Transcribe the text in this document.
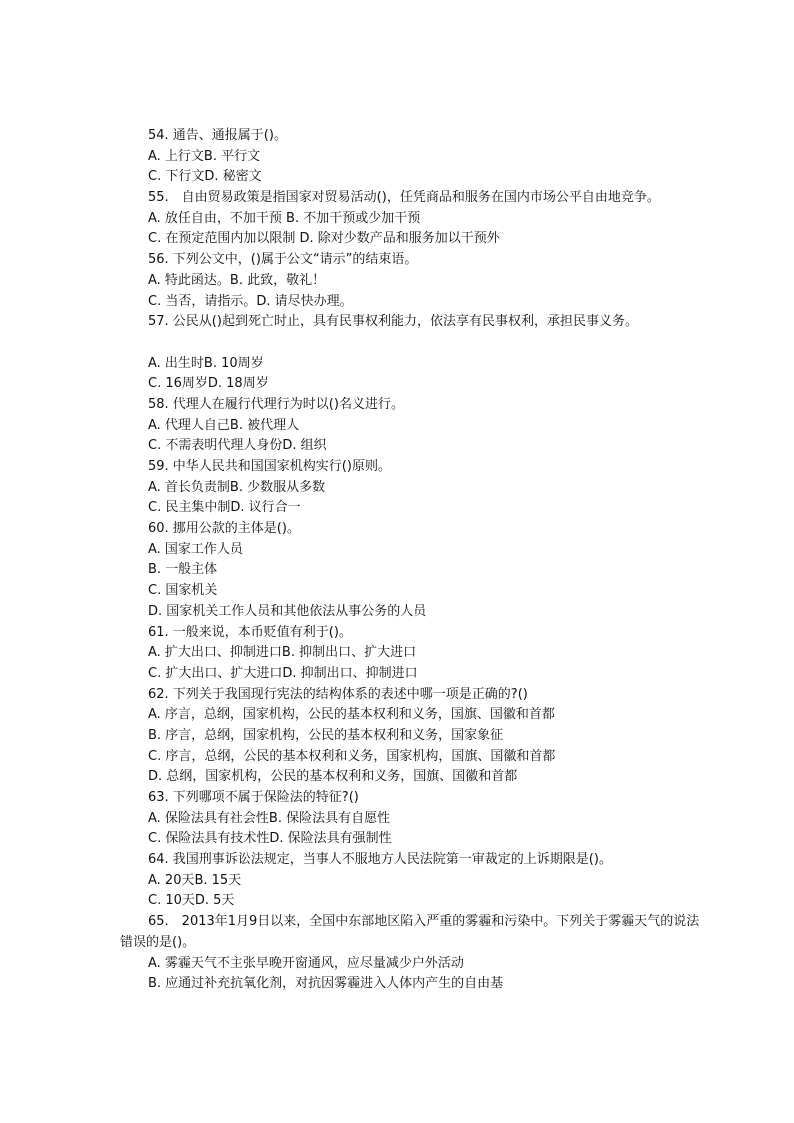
54. 通告、通报属于()。
A. 上行文B. 平行文
C. 下行文D. 秘密文
55.　自由贸易政策是指国家对贸易活动()，任凭商品和服务在国内市场公平自由地竞争。
A. 放任自由，不加干预 B. 不加干预或少加干预
C. 在预定范围内加以限制 D. 除对少数产品和服务加以干预外
56. 下列公文中，()属于公文“请示”的结束语。
A. 特此函达。B. 此致，敬礼！
C. 当否，请指示。D. 请尽快办理。
57. 公民从()起到死亡时止，具有民事权利能力，依法享有民事权利，承担民事义务。
A. 出生时B. 10周岁
C. 16周岁D. 18周岁
58. 代理人在履行代理行为时以()名义进行。
A. 代理人自己B. 被代理人
C. 不需表明代理人身份D. 组织
59. 中华人民共和国国家机构实行()原则。
A. 首长负责制B. 少数服从多数
C. 民主集中制D. 议行合一
60. 挪用公款的主体是()。
A. 国家工作人员
B. 一般主体
C. 国家机关
D. 国家机关工作人员和其他依法从事公务的人员
61. 一般来说，本币贬值有利于()。
A. 扩大出口、抑制进口B. 抑制出口、扩大进口
C. 扩大出口、扩大进口D. 抑制出口、抑制进口
62. 下列关于我国现行宪法的结构体系的表述中哪一项是正确的?()
A. 序言，总纲，国家机构，公民的基本权利和义务，国旗、国徽和首都
B. 序言，总纲，国家机构，公民的基本权利和义务，国家象征
C. 序言，总纲，公民的基本权利和义务，国家机构，国旗、国徽和首都
D. 总纲，国家机构，公民的基本权利和义务，国旗、国徽和首都
63. 下列哪项不属于保险法的特征?()
A. 保险法具有社会性B. 保险法具有自愿性
C. 保险法具有技术性D. 保险法具有强制性
64. 我国刑事诉讼法规定，当事人不服地方人民法院第一审裁定的上诉期限是()。
A. 20天B. 15天
C. 10天D. 5天
65.　2013年1月9日以来，全国中东部地区陷入严重的雾霾和污染中。下列关于雾霾天气的说法错误的是()。
A. 雾霾天气不主张早晚开窗通风，应尽量减少户外活动
B. 应通过补充抗氧化剂，对抗因雾霾进入人体内产生的自由基
